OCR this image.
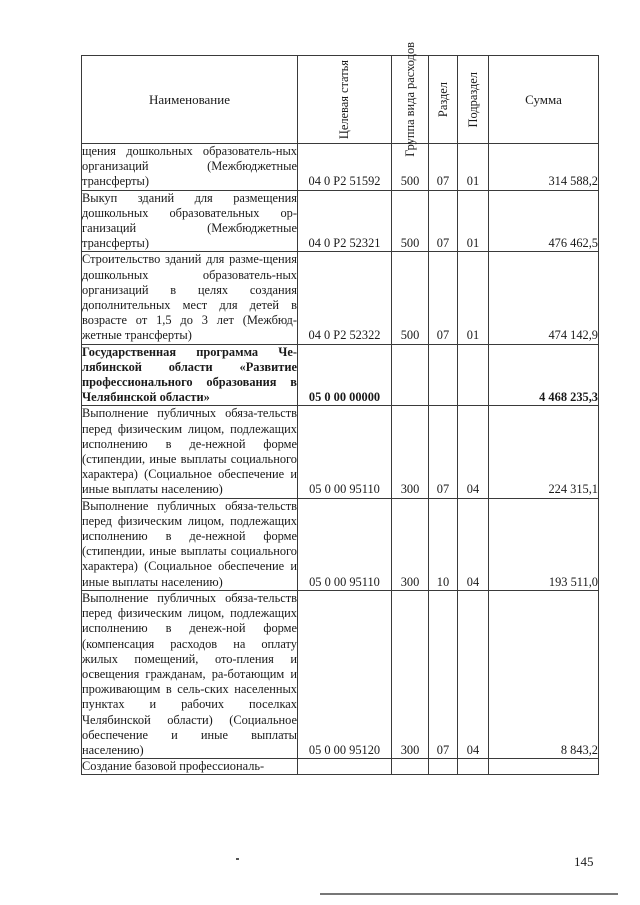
Наименование	Целевая статья	Группа вида расходов	Раздел	Подраздел	Сумма
щения дошкольных образователь-ных организаций (Межбюджетные трансферты)	04 0 P2 51592	500	07	01	314 588,2
Выкуп зданий для размещения дошкольных образовательных ор-ганизаций (Межбюджетные трансферты)	04 0 P2 52321	500	07	01	476 462,5
Строительство зданий для разме-щения дошкольных образователь-ных организаций в целях создания дополнительных мест для детей в возрасте от 1,5 до 3 лет (Межбюд-жетные трансферты)	04 0 P2 52322	500	07	01	474 142,9
Государственная программа Че-лябинской области «Развитие профессионального образования в Челябинской области»	05 0 00 00000				4 468 235,3
Выполнение публичных обяза-тельств перед физическим лицом, подлежащих исполнению в де-нежной форме (стипендии, иные выплаты социального характера) (Социальное обеспечение и иные выплаты населению)	05 0 00 95110	300	07	04	224 315,1
Выполнение публичных обяза-тельств перед физическим лицом, подлежащих исполнению в де-нежной форме (стипендии, иные выплаты социального характера) (Социальное обеспечение и иные выплаты населению)	05 0 00 95110	300	10	04	193 511,0
Выполнение публичных обяза-тельств перед физическим лицом, подлежащих исполнению в денеж-ной форме (компенсация расходов на оплату жилых помещений, ото-пления и освещения гражданам, ра-ботающим и проживающим в сель-ских населенных пунктах и рабочих поселках Челябинской области) (Социальное обеспечение и иные выплаты населению)	05 0 00 95120	300	07	04	8 843,2
Создание базовой профессиональ-					
145
